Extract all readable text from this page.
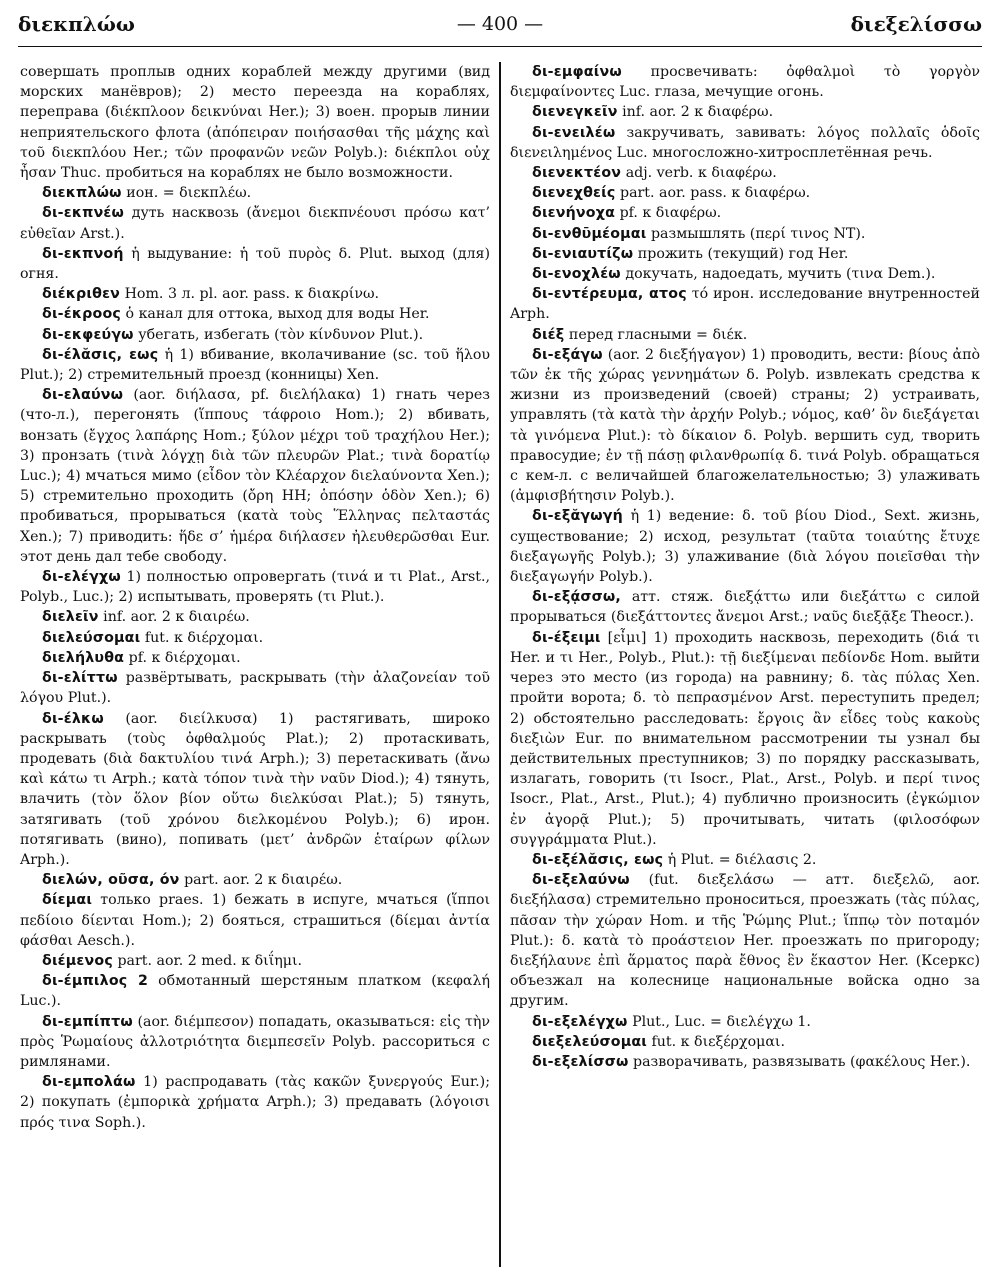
διεκπλώω	— 400 —	διεξελίσσω

совершать проплыв одних кораблей между другими (вид морских манёвров); 2) место переезда на кораблях, переправа (διέκπλοον δεικνύναι Her.); 3) воен. прорыв линии неприятельского флота (ἀπόπειραν ποιήσασθαι τῆς μάχης καὶ τοῦ διεκπλόου Her.; τῶν πρoφανῶν νεῶν Polyb.): διέκπλοι οὐχ ἦσαν Thuc. пробиться на кораблях не было возможности.

διεκπλώω ион. = διεκπλέω.

δι-εκπνέω дуть насквозь (ἄνεμοι διεκπνέουσι πρόσω κατ’ εὐθεῖαν Arst.).

δι-εκπνοή ἡ выдувание: ἡ τοῦ πυρὸς δ. Plut. выход (для) огня.

διέκριθεν Hom. 3 л. pl. aor. pass. к διακρίνω.

δι-έκροος ὁ канал для оттока, выход для воды Her.

δι-εκφεύγω убегать, избегать (τὸν κίνδυνον Plut.).

δι-έλᾰσις, εως ἡ 1) вбивание, вколачивание (sc. τοῦ ἥλου Plut.); 2) стремительный проезд (конницы) Xen.

δι-ελαύνω (aor. διήλασα, pf. διελήλακα) 1) гнать через (что-л.), перегонять (ἵππους τάφροιο Hom.); 2) вбивать, вонзать (ἔγχος λαπάρης Hom.; ξύλον μέχρι τοῦ τραχήλου Her.); 3) пронзать (τινὰ λόγχῃ διὰ τῶν πλευρῶν Plat.; τινὰ δορατίῳ Luc.); 4) мчаться мимо (εἶδον τὸν Κλέαρχον διελαύνοντα Xen.); 5) стремительно проходить (ὄρη HH; ὁπόσην ὁδὸν Xen.); 6) пробиваться, прорываться (κατὰ τοὺς Ἕλληνας πελταστάς Xen.); 7) приводить: ἥδε σ’ ἡμέρα διήλασεν ἠλευθερῶσθαι Eur. этот день дал тебе свободу.

δι-ελέγχω 1) полностью опровергать (τινά и τι Plat., Arst., Polyb., Luc.); 2) испытывать, проверять (τι Plut.).

διελεῖν inf. aor. 2 к διαιρέω.

διελεύσομαι fut. к διέρχομαι.

διελήλυθα pf. к διέρχομαι.

δι-ελίττω развёртывать, раскрывать (τὴν ἀλαζονείαν τοῦ λόγου Plut.).

δι-έλκω (aor. διείλκυσα) 1) растягивать, широко раскрывать (τοὺς ὀφθαλμούς Plat.); 2) протаскивать, продевать (διὰ δακτυλίου τινά Arph.); 3) перетаскивать (ἄνω καὶ κάτω τι Arph.; κατὰ τόπον τινὰ τὴν ναῦν Diod.); 4) тянуть, влачить (τὸν ὅλον βίον οὕτω διελκύσαι Plat.); 5) тянуть, затягивать (τοῦ χρόνου διελκομένου Polyb.); 6) ирон. потягивать (вино), попивать (μετ’ ἀνδρῶν ἑταίρων φίλων Arph.).

διελών, οῦσα, όν part. aor. 2 к διαιρέω.

δίεμαι только praes. 1) бежать в испуге, мчаться (ἵπποι πεδίοιο δίενται Hom.); 2) бояться, страшиться (δίεμαι ἀντία φάσθαι Aesch.).

διέμενος part. aor. 2 med. к διΐημι.

δι-έμπιλος 2 обмотанный шерстяным платком (κεφαλή Luc.).

δι-εμπίπτω (aor. διέμπεσον) попадать, оказываться: εἰς τὴν πρὸς Ῥωμαίους ἀλλοτριότητα διεμπεσεῖν Polyb. рассориться с римлянами.

δι-εμπολάω 1) распродавать (τὰς κακῶν ξυνεργούς Eur.); 2) покупать (ἐμπορικὰ χρήματα Arph.); 3) предавать (λόγοισι πρός τινα Soph.).

δι-εμφαίνω просвечивать: ὀφθαλμοὶ τὸ γοργὸν διεμφαίνοντες Luc. глаза, мечущие огонь.

διενεγκεῖν inf. aor. 2 к διαφέρω.

δι-ενειλέω закручивать, завивать: λόγος πολλαῖς ὁδοῖς διενειλημένος Luc. многосложно-хитросплетённая речь.

διενεκτέον adj. verb. к διαφέρω.

διενεχθείς part. aor. pass. к διαφέρω.

διενήνοχα pf. к διαφέρω.

δι-ενθῡμέομαι размышлять (περί τινος NT).

δι-ενιαυτίζω прожить (текущий) год Her.

δι-ενοχλέω докучать, надоедать, мучить (τινα Dem.).

δι-εντέρευμα, ατος τό ирон. исследование внутренностей Arph.

διέξ перед гласными = διέκ.

δι-εξάγω (aor. 2 διεξήγαγον) 1) проводить, вести: βίους ἀπὸ τῶν ἐκ τῆς χώρας γεννημάτων δ. Polyb. извлекать средства к жизни из произведений (своей) страны; 2) устраивать, управлять (τὰ κατὰ τὴν ἀρχήν Polyb.; νόμος, καθ’ ὃν διεξάγεται τὰ γινόμενα Plut.): τὸ δίκαιον δ. Polyb. вершить суд, творить правосудие; ἐν τῇ πάσῃ φιλανθρωπίᾳ δ. τινά Polyb. обращаться с кем-л. с величайшей благожелательностью; 3) улаживать (ἀμφισβήτησιν Polyb.).

δι-εξᾰγωγή ἡ 1) ведение: δ. τοῦ βίου Diod., Sext. жизнь, существование; 2) исход, результат (ταῦτα τοιαύτης ἔτυχε διεξαγωγῆς Polyb.); 3) улаживание (διὰ λόγου ποιεῖσθαι τὴν διεξαγωγήν Polyb.).

δι-εξᾴσσω, атт. стяж. διεξᾴττω или διεξάττω с силой прорываться (διεξάττοντες ἄνεμοι Arst.; ναῦς διεξᾷξε Theocr.).

δι-έξειμι [εἶμι] 1) проходить насквозь, переходить (διά τι Her. и τι Her., Polyb., Plut.): τῇ διεξίμεναι πεδίονδε Hom. выйти через это место (из города) на равнину; δ. τὰς πύλας Xen. пройти ворота; δ. τὸ πεπρασμένον Arst. переступить предел; 2) обстоятельно расследовать: ἔργοις ἂν εἶδες τοὺς κακοὺς διεξιὼν Eur. по внимательном рассмотрении ты узнал бы действительных преступников; 3) по порядку рассказывать, излагать, говорить (τι Isocr., Plat., Arst., Polyb. и περί τινος Isocr., Plat., Arst., Plut.); 4) публично произносить (ἐγκώμιον ἐν ἀγορᾷ Plut.); 5) прочитывать, читать (φιλοσόφων συγγράμματα Plut.).

δι-εξέλᾰσις, εως ἡ Plut. = διέλασις 2.

δι-εξελαύνω (fut. διεξελάσω — атт. διεξελῶ, aor. διεξήλασα) стремительно проноситься, проезжать (τὰς πύλας, πᾶσαν τὴν χώραν Hom. и τῆς Ῥώμης Plut.; ἵππῳ τὸν ποταμόν Plut.): δ. κατὰ τὸ προάστειον Her. проезжать по пригороду; διεξήλαυνε ἐπὶ ἅρματος παρὰ ἔθνος ἓν ἕκαστον Her. (Ксеркс) объезжал на колеснице национальные войска одно за другим.

δι-εξελέγχω Plut., Luc. = διελέγχω 1.

διεξελεύσομαι fut. к διεξέρχομαι.

δι-εξελίσσω разворачивать, развязывать (φακέλους Her.).
